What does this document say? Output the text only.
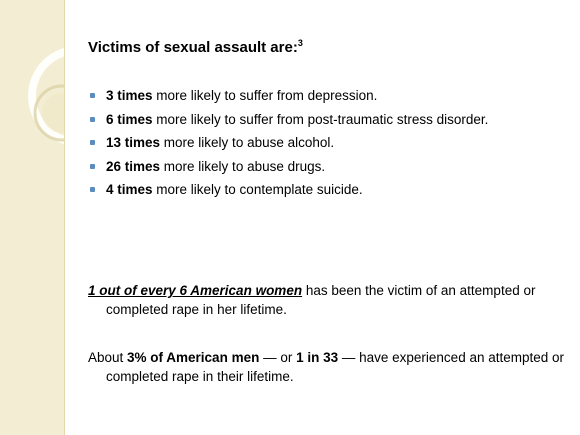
Victims of sexual assault are:$^3$
3 times more likely to suffer from depression.
6 times more likely to suffer from post-traumatic stress disorder.
13 times more likely to abuse alcohol.
26 times more likely to abuse drugs.
4 times more likely to contemplate suicide.
1 out of every 6 American women has been the victim of an attempted or completed rape in her lifetime.
About 3% of American men — or 1 in 33 — have experienced an attempted or completed rape in their lifetime.
